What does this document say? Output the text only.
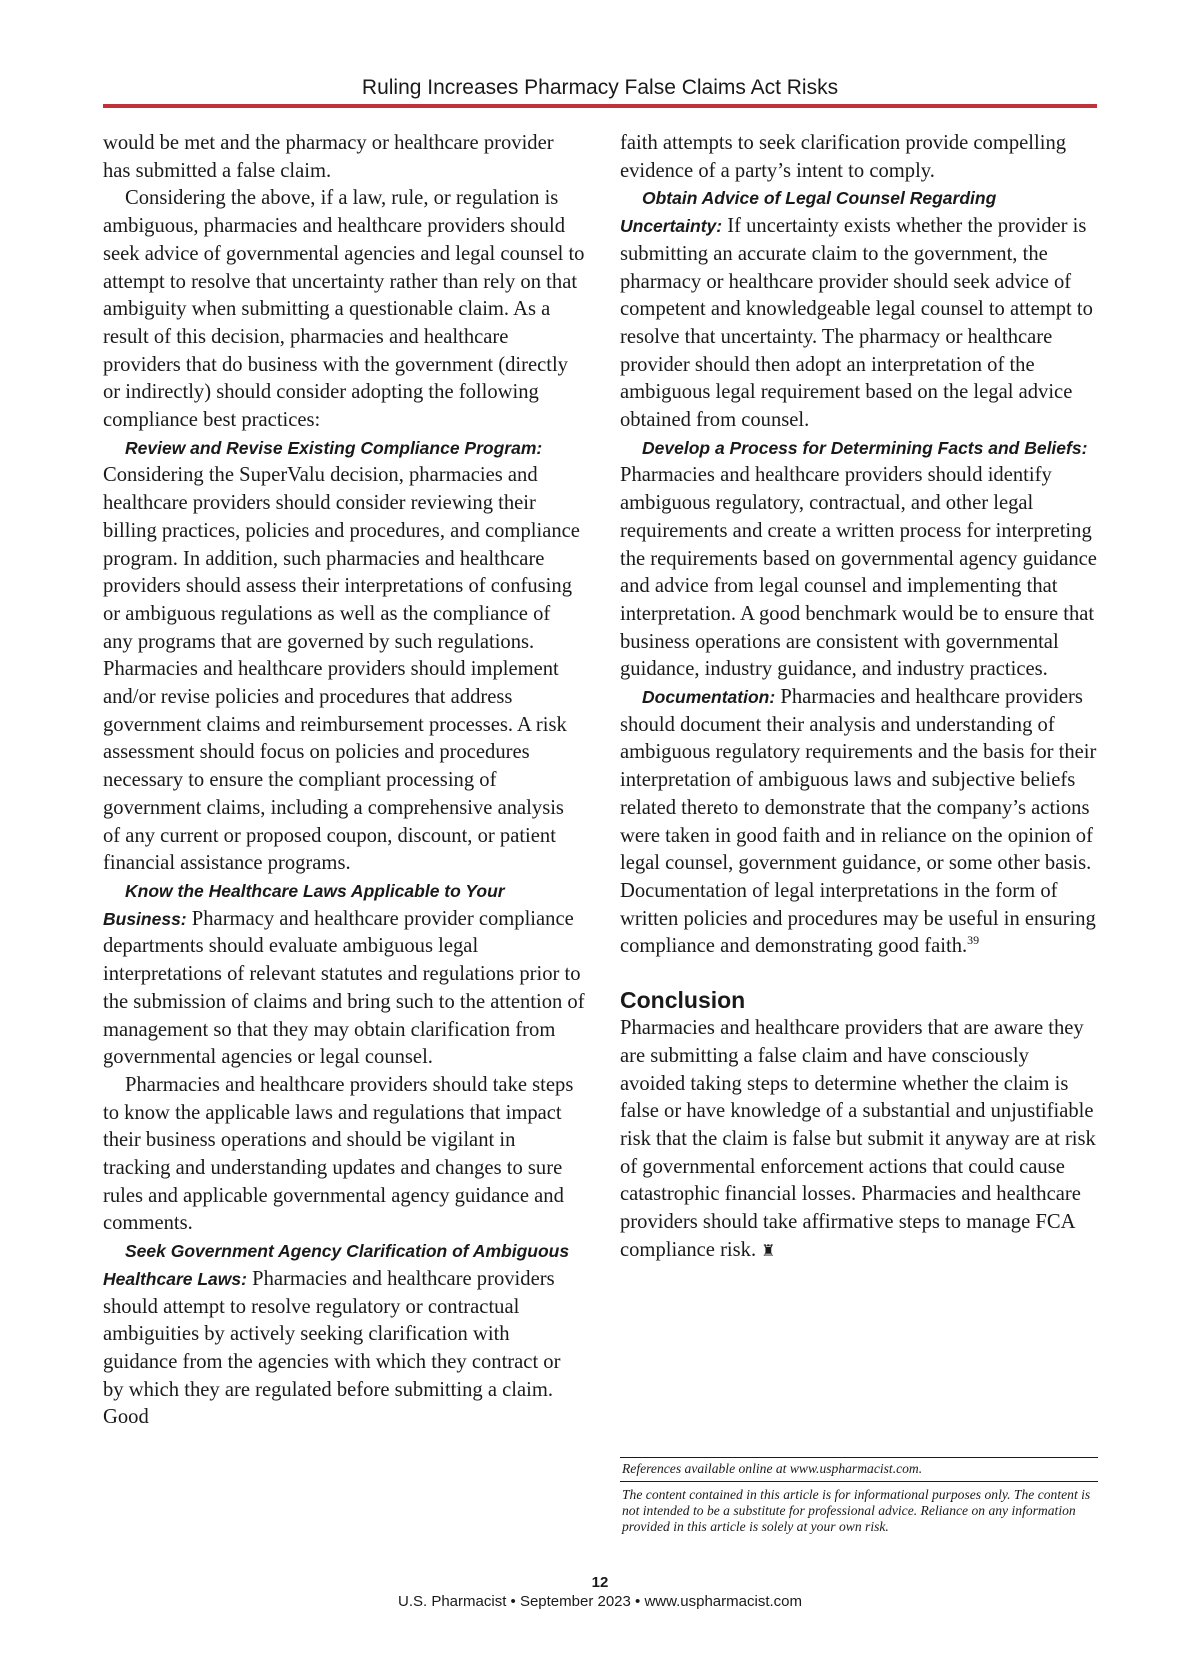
Ruling Increases Pharmacy False Claims Act Risks

would be met and the pharmacy or healthcare provider has submitted a false claim.

Considering the above, if a law, rule, or regulation is ambiguous, pharmacies and healthcare providers should seek advice of governmental agencies and legal counsel to attempt to resolve that uncertainty rather than rely on that ambiguity when submitting a questionable claim. As a result of this decision, pharmacies and healthcare providers that do business with the government (directly or indirectly) should consider adopting the following compliance best practices:

Review and Revise Existing Compliance Program: Considering the SuperValu decision, pharmacies and healthcare providers should consider reviewing their billing practices, policies and procedures, and compliance program. In addition, such pharmacies and healthcare providers should assess their interpretations of confusing or ambiguous regulations as well as the compliance of any programs that are governed by such regulations. Pharmacies and healthcare providers should implement and/or revise policies and procedures that address government claims and reimbursement processes. A risk assessment should focus on policies and procedures necessary to ensure the compliant processing of government claims, including a comprehensive analysis of any current or proposed coupon, discount, or patient financial assistance programs.

Know the Healthcare Laws Applicable to Your Business: Pharmacy and healthcare provider compliance departments should evaluate ambiguous legal interpretations of relevant statutes and regulations prior to the submission of claims and bring such to the attention of management so that they may obtain clarification from governmental agencies or legal counsel.

Pharmacies and healthcare providers should take steps to know the applicable laws and regulations that impact their business operations and should be vigilant in tracking and understanding updates and changes to sure rules and applicable governmental agency guidance and comments.

Seek Government Agency Clarification of Ambiguous Healthcare Laws: Pharmacies and healthcare providers should attempt to resolve regulatory or contractual ambiguities by actively seeking clarification with guidance from the agencies with which they contract or by which they are regulated before submitting a claim. Good

faith attempts to seek clarification provide compelling evidence of a party’s intent to comply.

Obtain Advice of Legal Counsel Regarding Uncertainty: If uncertainty exists whether the provider is submitting an accurate claim to the government, the pharmacy or healthcare provider should seek advice of competent and knowledgeable legal counsel to attempt to resolve that uncertainty. The pharmacy or healthcare provider should then adopt an interpretation of the ambiguous legal requirement based on the legal advice obtained from counsel.

Develop a Process for Determining Facts and Beliefs: Pharmacies and healthcare providers should identify ambiguous regulatory, contractual, and other legal requirements and create a written process for interpreting the requirements based on governmental agency guidance and advice from legal counsel and implementing that interpretation. A good benchmark would be to ensure that business operations are consistent with governmental guidance, industry guidance, and industry practices.

Documentation: Pharmacies and healthcare providers should document their analysis and understanding of ambiguous regulatory requirements and the basis for their interpretation of ambiguous laws and subjective beliefs related thereto to demonstrate that the company’s actions were taken in good faith and in reliance on the opinion of legal counsel, government guidance, or some other basis. Documentation of legal interpretations in the form of written policies and procedures may be useful in ensuring compliance and demonstrating good faith.$^{39}$

Conclusion

Pharmacies and healthcare providers that are aware they are submitting a false claim and have consciously avoided taking steps to determine whether the claim is false or have knowledge of a substantial and unjustifiable risk that the claim is false but submit it anyway are at risk of governmental enforcement actions that could cause catastrophic financial losses. Pharmacies and healthcare providers should take affirmative steps to manage FCA compliance risk. ♜

References available online at www.uspharmacist.com.
The content contained in this article is for informational purposes only. The content is not intended to be a substitute for professional advice. Reliance on any information provided in this article is solely at your own risk.
12
U.S. Pharmacist • September 2023 • www.uspharmacist.com
